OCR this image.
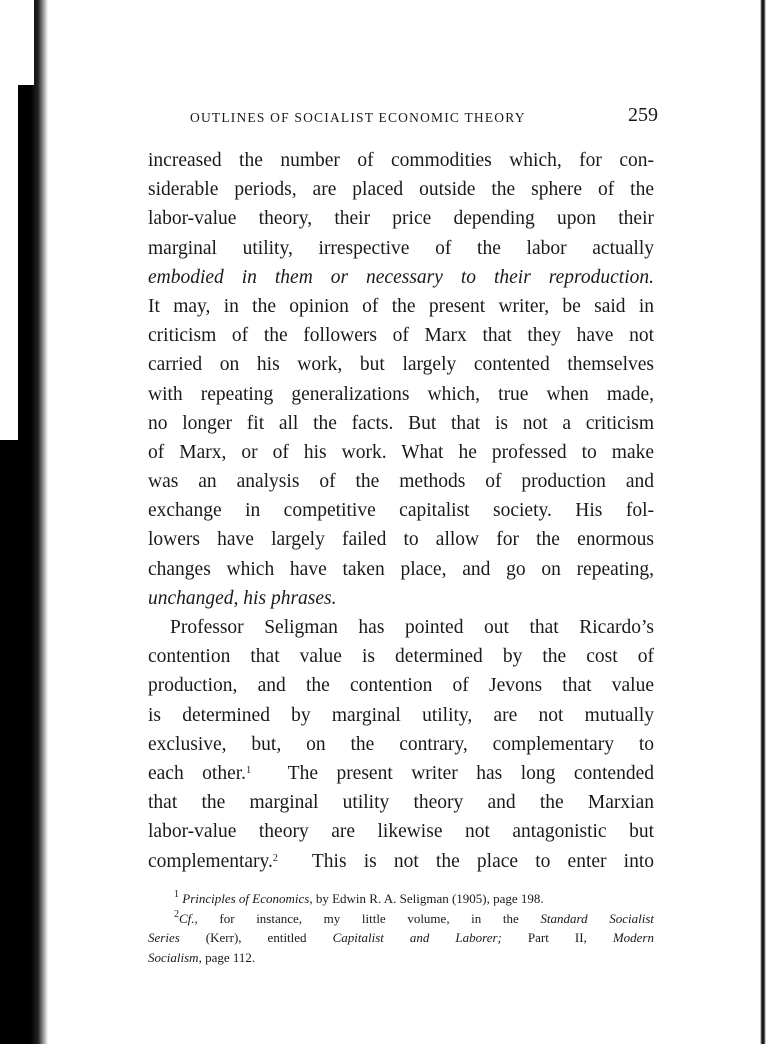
OUTLINES OF SOCIALIST ECONOMIC THEORY	259
increased the number of commodities which, for con-
siderable periods, are placed outside the sphere of the
labor-value theory, their price depending upon their
marginal utility, irrespective of the labor actually
embodied in them or necessary to their reproduction.
It may, in the opinion of the present writer, be said in
criticism of the followers of Marx that they have not
carried on his work, but largely contented themselves
with repeating generalizations which, true when made,
no longer fit all the facts. But that is not a criticism
of Marx, or of his work. What he professed to make
was an analysis of the methods of production and
exchange in competitive capitalist society. His fol-
lowers have largely failed to allow for the enormous
changes which have taken place, and go on repeating,
unchanged, his phrases.
Professor Seligman has pointed out that Ricardo’s
contention that value is determined by the cost of
production, and the contention of Jevons that value
is determined by marginal utility, are not mutually
exclusive, but, on the contrary, complementary to
each other.$^1$  The present writer has long contended
that the marginal utility theory and the Marxian
labor-value theory are likewise not antagonistic but
complementary.$^2$  This is not the place to enter into
$^1$ Principles of Economics, by Edwin R. A. Seligman (1905), page 198.
$^2$Cf., for instance, my little volume, in the Standard Socialist
Series (Kerr), entitled Capitalist and Laborer; Part II, Modern
Socialism, page 112.
